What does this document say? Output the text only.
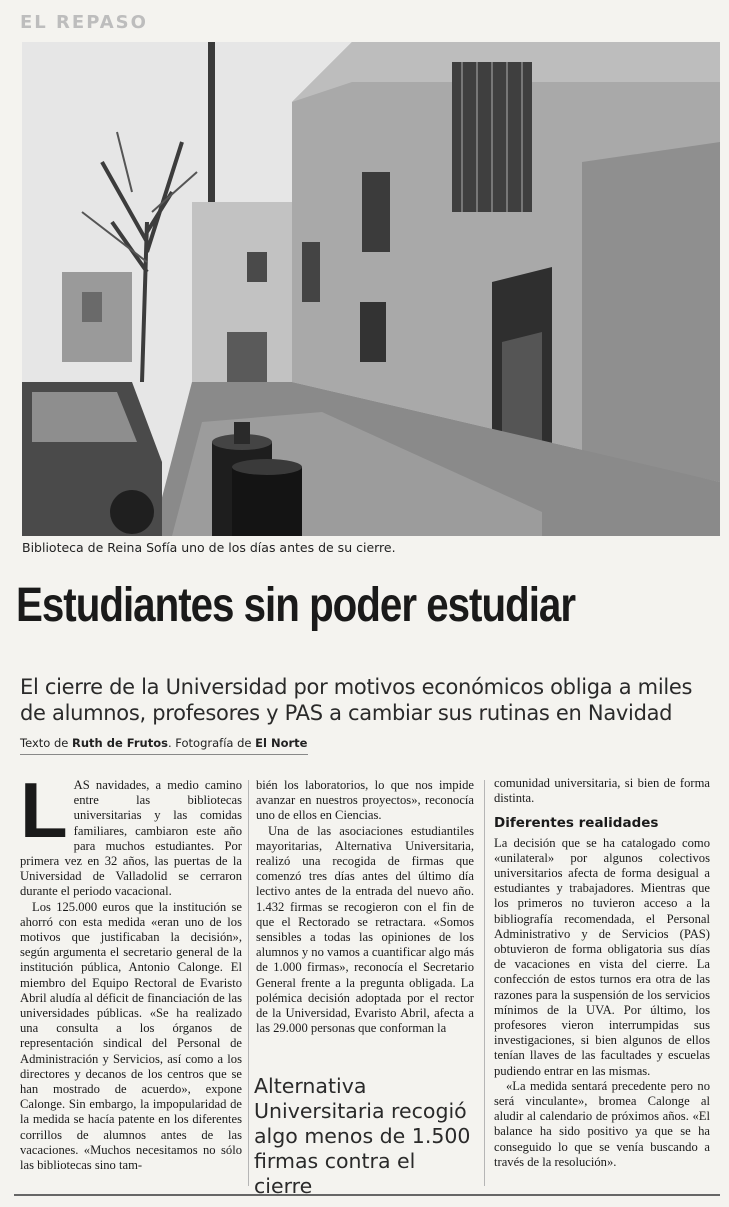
EL REPASO
Biblioteca de Reina Sofía uno de los días antes de su cierre.
Estudiantes sin poder estudiar
El cierre de la Universidad por motivos económicos obliga a miles de alumnos, profesores y PAS a cambiar sus rutinas en Navidad
Texto de Ruth de Frutos. Fotografía de El Norte
L AS navidades, a medio camino entre las bibliotecas universitarias y las comidas familiares, cambiaron este año para muchos estudiantes. Por primera vez en 32 años, las puertas de la Universidad de Valladolid se cerraron durante el periodo vacacional.

Los 125.000 euros que la institución se ahorró con esta medida «eran uno de los motivos que justificaban la decisión», según argumenta el secretario general de la institución pública, Antonio Calonge. El miembro del Equipo Rectoral de Evaristo Abril aludía al déficit de financiación de las universidades públicas. «Se ha realizado una consulta a los órganos de representación sindical del Personal de Administración y Servicios, así como a los directores y decanos de los centros que se han mostrado de acuerdo», expone Calonge. Sin embargo, la impopularidad de la medida se hacía patente en los diferentes corrillos de alumnos antes de las vacaciones. «Muchos necesitamos no sólo las bibliotecas sino tam-

bién los laboratorios, lo que nos impide avanzar en nuestros proyectos», reconocía uno de ellos en Ciencias.

Una de las asociaciones estudiantiles mayoritarias, Alternativa Universitaria, realizó una recogida de firmas que comenzó tres días antes del último día lectivo antes de la entrada del nuevo año. 1.432 firmas se recogieron con el fin de que el Rectorado se retractara. «Somos sensibles a todas las opiniones de los alumnos y no vamos a cuantificar algo más de 1.000 firmas», reconocía el Secretario General frente a la pregunta obligada. La polémica decisión adoptada por el rector de la Universidad, Evaristo Abril, afecta a las 29.000 personas que conforman la

Alternativa Universitaria recogió algo menos de 1.500 firmas contra el cierre

comunidad universitaria, si bien de forma distinta.

Diferentes realidades

La decisión que se ha catalogado como «unilateral» por algunos colectivos universitarios afecta de forma desigual a estudiantes y trabajadores. Mientras que los primeros no tuvieron acceso a la bibliografía recomendada, el Personal Administrativo y de Servicios (PAS) obtuvieron de forma obligatoria sus días de vacaciones en vista del cierre. La confección de estos turnos era otra de las razones para la suspensión de los servicios mínimos de la UVA. Por último, los profesores vieron interrumpidas sus investigaciones, si bien algunos de ellos tenían llaves de las facultades y escuelas pudiendo entrar en las mismas.

«La medida sentará precedente pero no será vinculante», bromea Calonge al aludir al calendario de próximos años. «El balance ha sido positivo ya que se ha conseguido lo que se venía buscando a través de la resolución».
